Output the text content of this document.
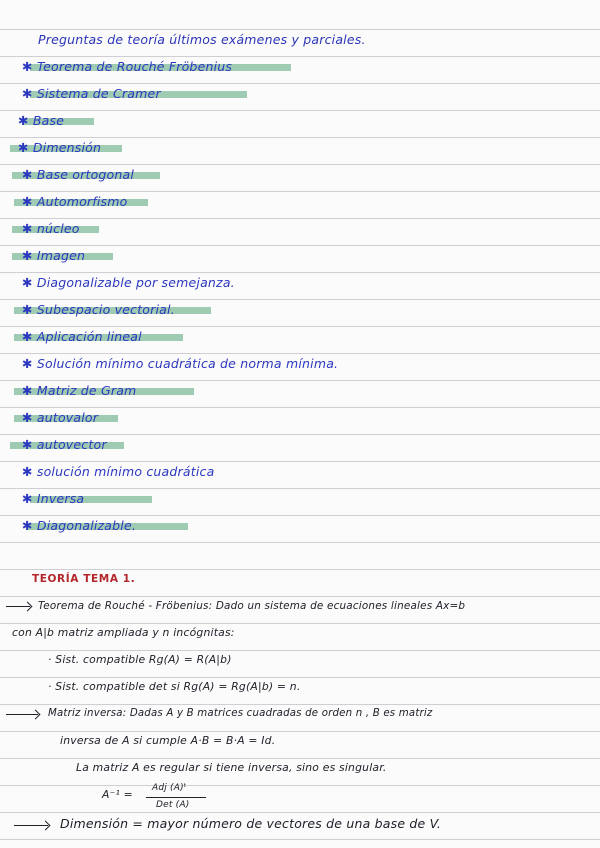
Preguntas de teoría últimos exámenes y parciales.
✱ Teorema de Rouché Fröbenius
✱ Sistema de Cramer
✱ Base
✱ Dimensión
✱ Base ortogonal
✱ Automorfismo
✱ núcleo
✱ Imagen
✱ Diagonalizable por semejanza.
✱ Subespacio vectorial.
✱ Aplicación lineal
✱ Solución mínimo cuadrática de norma mínima.
✱ Matriz de Gram
✱ autovalor
✱ autovector
✱ solución mínimo cuadrática
✱ Inversa
✱ Diagonalizable.
TEORÍA TEMA 1.
Teorema de Rouché - Fröbenius: Dado un sistema de ecuaciones lineales Ax=b
con A|b matriz ampliada y n incógnitas:
· Sist. compatible Rg(A) = R(A|b)
· Sist. compatible det si Rg(A) = Rg(A|b) = n.
Matriz inversa: Dadas A y B matrices cuadradas de orden n , B es matriz
inversa de A si cumple A·B = B·A = Id.
La matriz A es regular si tiene inversa, sino es singular.
A⁻¹ = Adj (A)ᵗ
Det (A)
Dimensión = mayor número de vectores de una base de V.
